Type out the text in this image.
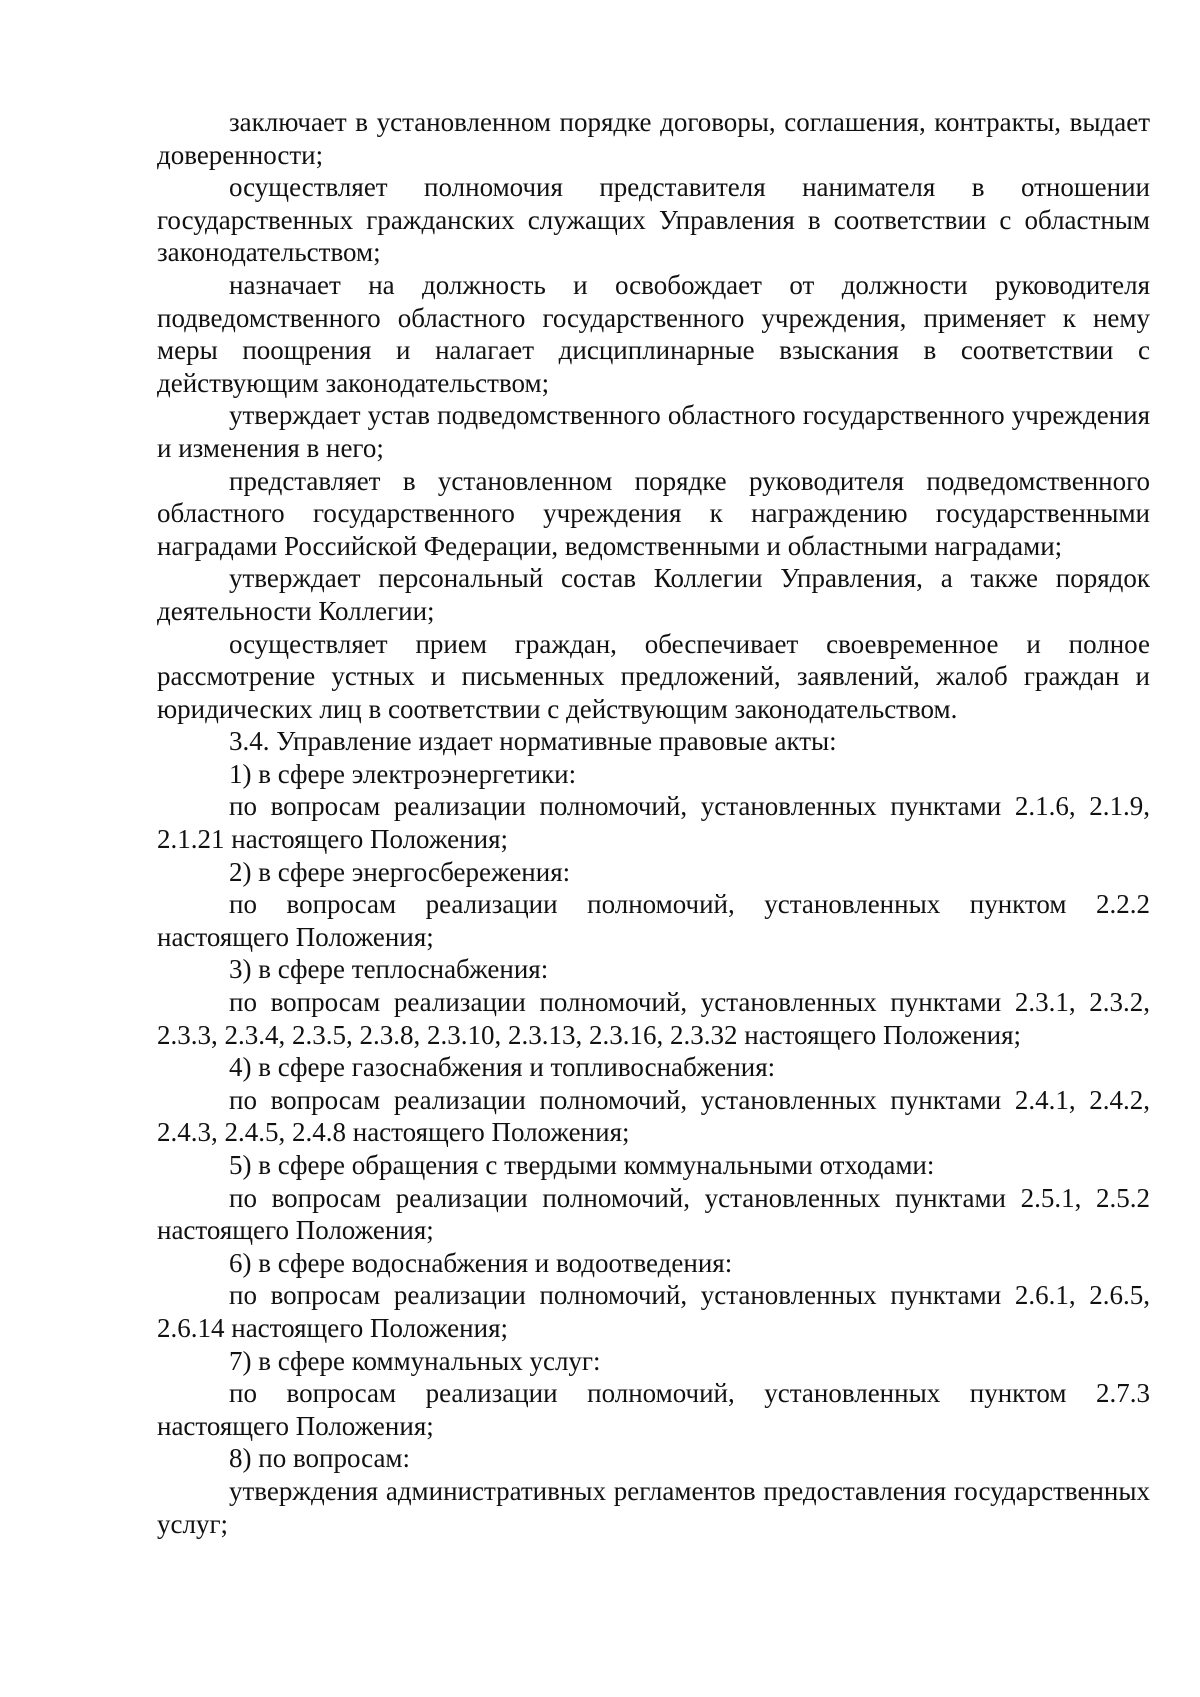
заключает в установленном порядке договоры, соглашения, контракты, выдает доверенности;

осуществляет полномочия представителя нанимателя в отношении государственных гражданских служащих Управления в соответствии с областным законодательством;

назначает на должность и освобождает от должности руководителя подведомственного областного государственного учреждения, применяет к нему меры поощрения и налагает дисциплинарные взыскания в соответствии с действующим законодательством;

утверждает устав подведомственного областного государственного учреждения и изменения в него;

представляет в установленном порядке руководителя подведомственного областного государственного учреждения к награждению государственными наградами Российской Федерации, ведомственными и областными наградами;

утверждает персональный состав Коллегии Управления, а также порядок деятельности Коллегии;

осуществляет прием граждан, обеспечивает своевременное и полное рассмотрение устных и письменных предложений, заявлений, жалоб граждан и юридических лиц в соответствии с действующим законодательством.

3.4. Управление издает нормативные правовые акты:

1) в сфере электроэнергетики:

по вопросам реализации полномочий, установленных пунктами 2.1.6, 2.1.9, 2.1.21 настоящего Положения;

2) в сфере энергосбережения:

по вопросам реализации полномочий, установленных пунктом 2.2.2 настоящего Положения;

3) в сфере теплоснабжения:

по вопросам реализации полномочий, установленных пунктами 2.3.1, 2.3.2, 2.3.3, 2.3.4, 2.3.5, 2.3.8, 2.3.10, 2.3.13, 2.3.16, 2.3.32 настоящего Положения;

4) в сфере газоснабжения и топливоснабжения:

по вопросам реализации полномочий, установленных пунктами 2.4.1, 2.4.2, 2.4.3, 2.4.5, 2.4.8 настоящего Положения;

5) в сфере обращения с твердыми коммунальными отходами:

по вопросам реализации полномочий, установленных пунктами 2.5.1, 2.5.2 настоящего Положения;

6) в сфере водоснабжения и водоотведения:

по вопросам реализации полномочий, установленных пунктами 2.6.1, 2.6.5, 2.6.14 настоящего Положения;

7) в сфере коммунальных услуг:

по вопросам реализации полномочий, установленных пунктом 2.7.3 настоящего Положения;

8) по вопросам:

утверждения административных регламентов предоставления государственных услуг;
